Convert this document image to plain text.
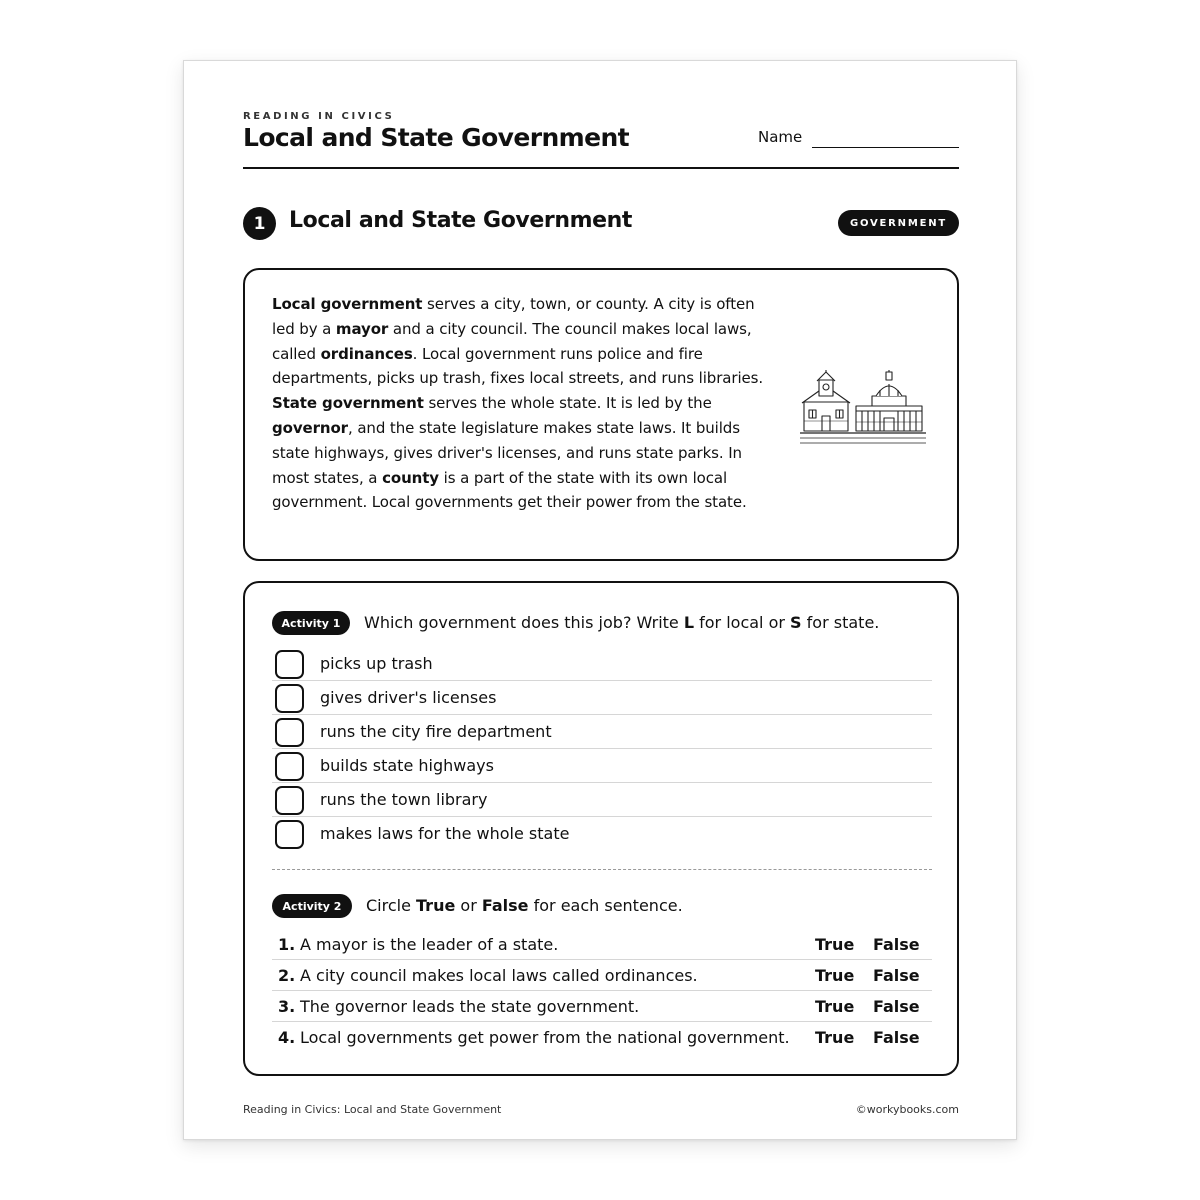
READING IN CIVICS
Local and State Government	Name
1	Local and State Government	GOVERNMENT

Local government serves a city, town, or county. A city is often led by a mayor and a city council. The council makes local laws, called ordinances. Local government runs police and fire departments, picks up trash, fixes local streets, and runs libraries. State government serves the whole state. It is led by the governor, and the state legislature makes state laws. It builds state highways, gives driver's licenses, and runs state parks. In most states, a county is a part of the state with its own local government. Local governments get their power from the state.

Activity 1	Which government does this job? Write L for local or S for state.
picks up trash
gives driver's licenses
runs the city fire department
builds state highways
runs the town library
makes laws for the whole state
Activity 2	Circle True or False for each sentence.
1. A mayor is the leader of a state.	True False
2. A city council makes local laws called ordinances.	True False
3. The governor leads the state government.	True False
4. Local governments get power from the national government. True False
Reading in Civics: Local and State Government	©workybooks.com
